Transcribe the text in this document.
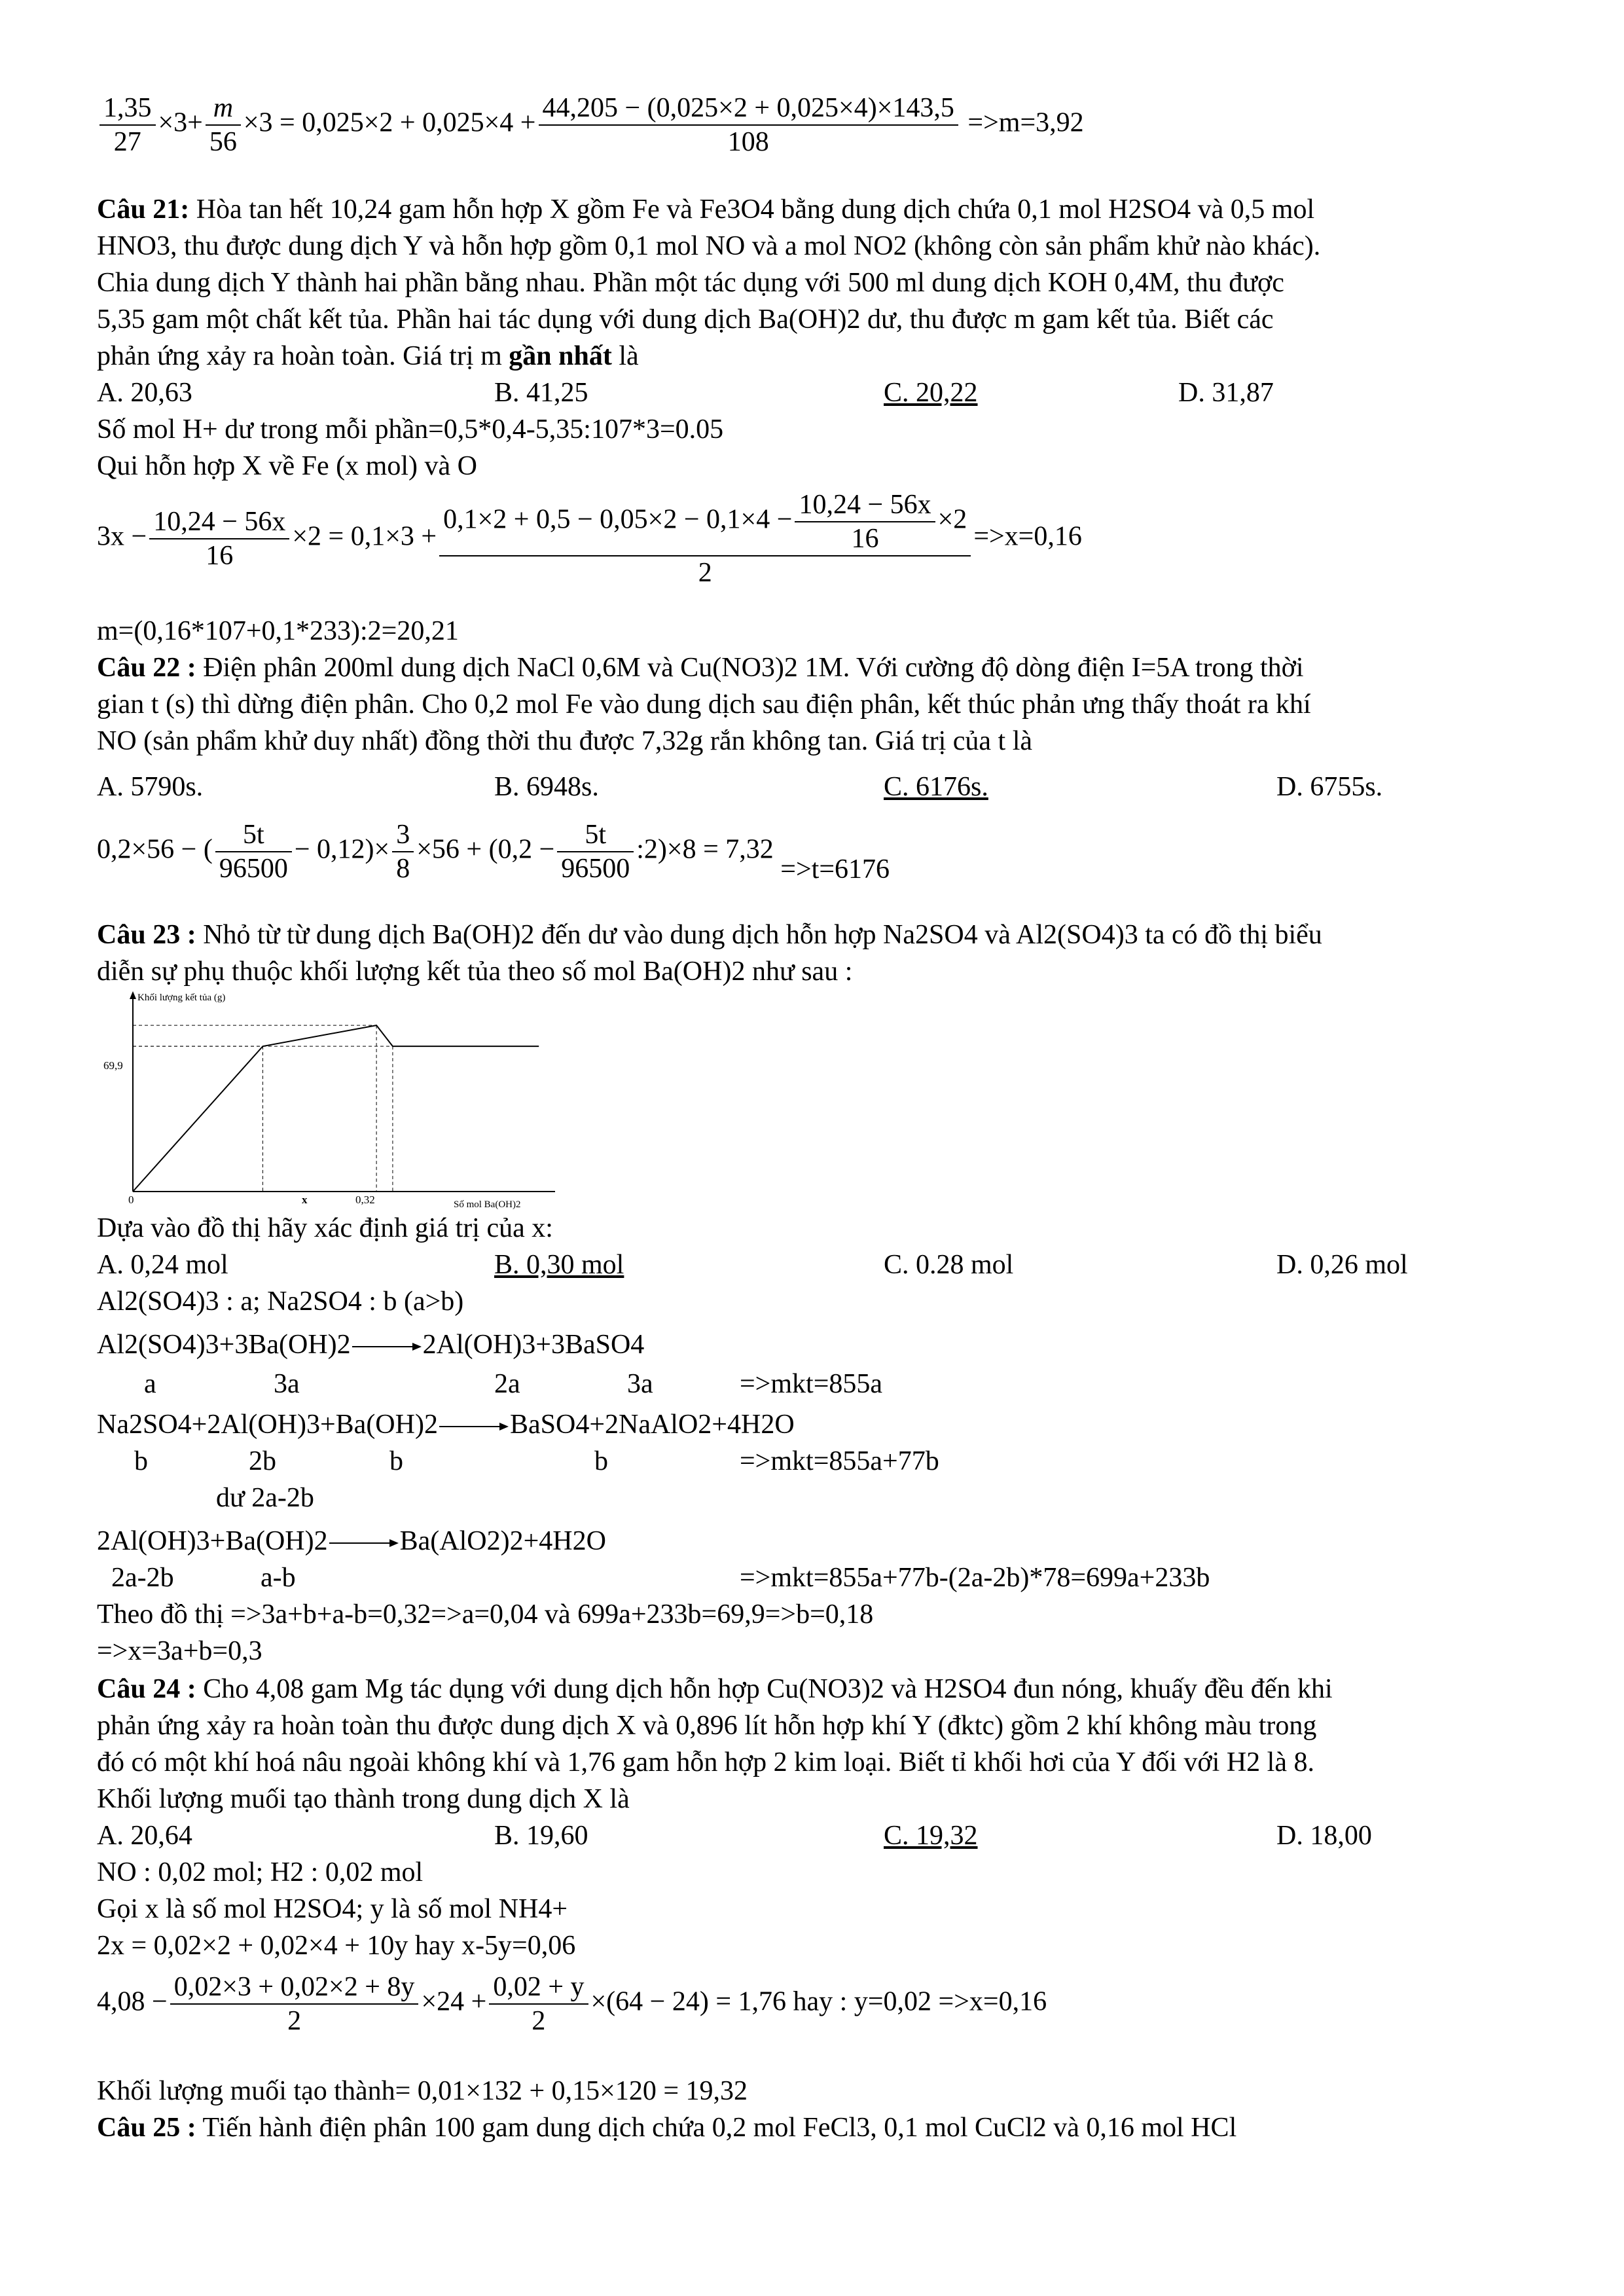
$\frac{1,35}{27} \times 3+ \frac{m}{56} \times 3 = 0,025\times 2 + 0,025\times 4 + \frac{44,205 - (0,025\times 2 + 0,025\times 4)\times 143,5}{108} =>m=3,92$
Câu 21: Hòa tan hết 10,24 gam hỗn hợp X gồm Fe và Fe3O4 bằng dung dịch chứa 0,1 mol H2SO4 và 0,5 mol
HNO3, thu được dung dịch Y và hỗn hợp gồm 0,1 mol NO và a mol NO2 (không còn sản phẩm khử nào khác).
Chia dung dịch Y thành hai phần bằng nhau. Phần một tác dụng với 500 ml dung dịch KOH 0,4M, thu được
5,35 gam một chất kết tủa. Phần hai tác dụng với dung dịch Ba(OH)2 dư, thu được m gam kết tủa. Biết các
phản ứng xảy ra hoàn toàn. Giá trị m gần nhất là
A. 20,63	B. 41,25	C. 20,22	D. 31,87
Số mol H+ dư trong mỗi phần=0,5*0,4-5,35:107*3=0.05
Qui hỗn hợp X về Fe (x mol) và O
$3x - \frac{10,24 - 56x}{16} \times 2 = 0,1\times 3 + \frac{0,1\times 2 + 0,5 - 0,05\times 2 - 0,1\times 4 - \frac{10,24 - 56x}{16} \times 2}{2} =>x=0,16$
m=(0,16*107+0,1*233):2=20,21
Câu 22 : Điện phân 200ml dung dịch NaCl 0,6M và Cu(NO3)2 1M. Với cường độ dòng điện I=5A trong thời
gian t (s) thì dừng điện phân. Cho 0,2 mol Fe vào dung dịch sau điện phân, kết thúc phản ưng thấy thoát ra khí
NO (sản phẩm khử duy nhất) đồng thời thu được 7,32g rắn không tan. Giá trị của t là
A. 5790s.	B. 6948s.	C. 6176s.	D. 6755s.
0,2×56 − ( $\frac{5t}{96500} - 0,12)\times \frac{3}{8} \times 56 + (0,2 - \frac{5t}{96500}$ :2)×8 = 7,32 =>t=6176
Câu 23 : Nhỏ từ từ dung dịch Ba(OH)2 đến dư vào dung dịch hỗn hợp Na2SO4 và Al2(SO4)3 ta có đồ thị biểu
diễn sự phụ thuộc khối lượng kết tủa theo số mol Ba(OH)2 như sau :
Khối lượng kết tủa (g)
Số mol Ba(OH)2
69,9
0	x	0,32
Dựa vào đồ thị hãy xác định giá trị của x:
A. 0,24 mol	B. 0,30 mol	C. 0.28 mol	D. 0,26 mol
Al2(SO4)3 : a; Na2SO4 : b (a>b)
Al2(SO4)3+3Ba(OH)2→2Al(OH)3+3BaSO4
a	3a	2a	3a	=>mkt=855a
Na2SO4+2Al(OH)3+Ba(OH)2→BaSO4+2NaAlO2+4H2O
b	2b	b	b	=>mkt=855a+77b
dư 2a-2b
2Al(OH)3+Ba(OH)2→Ba(AlO2)2+4H2O
2a-2b	a-b	=>mkt=855a+77b-(2a-2b)*78=699a+233b
Theo đồ thị =>3a+b+a-b=0,32=>a=0,04 và 699a+233b=69,9=>b=0,18
=>x=3a+b=0,3
Câu 24 : Cho 4,08 gam Mg tác dụng với dung dịch hỗn hợp Cu(NO3)2 và H2SO4 đun nóng, khuấy đều đến khi
phản ứng xảy ra hoàn toàn thu được dung dịch X và 0,896 lít hỗn hợp khí Y (đktc) gồm 2 khí không màu trong
đó có một khí hoá nâu ngoài không khí và 1,76 gam hỗn hợp 2 kim loại. Biết tỉ khối hơi của Y đối với H2 là 8.
Khối lượng muối tạo thành trong dung dịch X là
A. 20,64	B. 19,60	C. 19,32	D. 18,00
NO : 0,02 mol; H2 : 0,02 mol
Gọi x là số mol H2SO4; y là số mol NH4+
2x = 0,02×2 + 0,02×4 + 10y hay x-5y=0,06
$4,08 - \frac{0,02\times 3 + 0,02\times 2 + 8y}{2} \times 24 + \frac{0,02 + y}{2} \times(64 - 24) = 1,76$ hay : y=0,02 =>x=0,16
Khối lượng muối tạo thành= 0,01×132 + 0,15×120 = 19,32
Câu 25 : Tiến hành điện phân 100 gam dung dịch chứa 0,2 mol FeCl3, 0,1 mol CuCl2 và 0,16 mol HCl
